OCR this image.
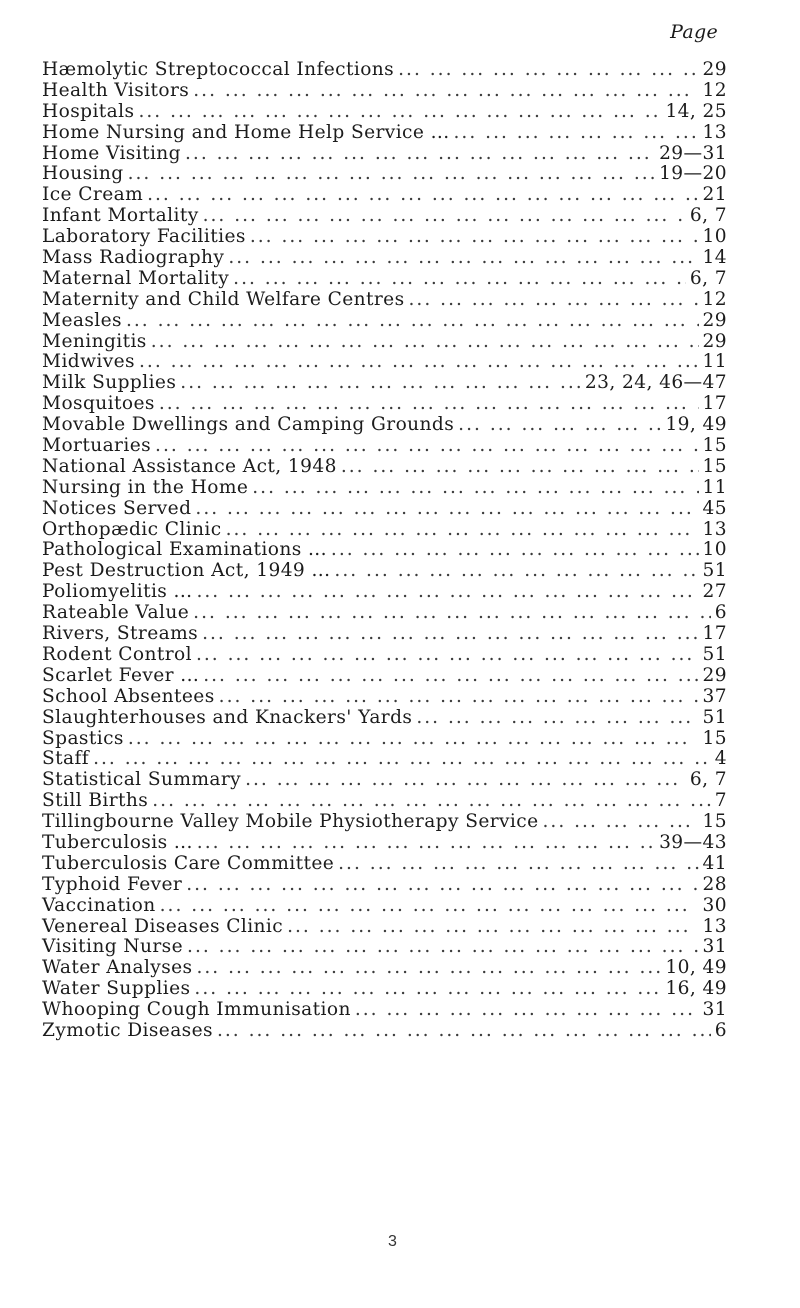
Page
Hæmolytic Streptococcal Infections ... .	29
Health Visitors ... .	12
Hospitals ... .	14, 25
Home Nursing and Home Help Service ... ... .	13
Home Visiting ... .	29—31
Housing ... .	19—20
Ice Cream ... .	21
Infant Mortality ... .	6, 7
Laboratory Facilities ... .	10
Mass Radiography ... .	14
Maternal Mortality ... .	6, 7
Maternity and Child Welfare Centres ... .	12
Measles ... .	29
Meningitis ... .	29
Midwives ... .	11
Milk Supplies ... .	23, 24, 46—47
Mosquitoes ... .	17
Movable Dwellings and Camping Grounds ... .	19, 49
Mortuaries ... .	15
National Assistance Act, 1948 ... .	15
Nursing in the Home ... .	11
Notices Served ... .	45
Orthopædic Clinic ... .	13
Pathological Examinations ... ... .	10
Pest Destruction Act, 1949 ... ... .	51
Poliomyelitis ... ... .	27
Rateable Value ... .	6
Rivers, Streams ... .	17
Rodent Control ... .	51
Scarlet Fever ... ... .	29
School Absentees ... .	37
Slaughterhouses and Knackers' Yards ... .	51
Spastics ... .	15
Staff ... .	4
Statistical Summary ... .	6, 7
Still Births ... .	7
Tillingbourne Valley Mobile Physiotherapy Service ... .	15
Tuberculosis ... ... .	39—43
Tuberculosis Care Committee ... .	41
Typhoid Fever ... .	28
Vaccination ... .	30
Venereal Diseases Clinic ... .	13
Visiting Nurse ... .	31
Water Analyses ... .	10, 49
Water Supplies ... .	16, 49
Whooping Cough Immunisation ... .	31
Zymotic Diseases ... .	6
3
